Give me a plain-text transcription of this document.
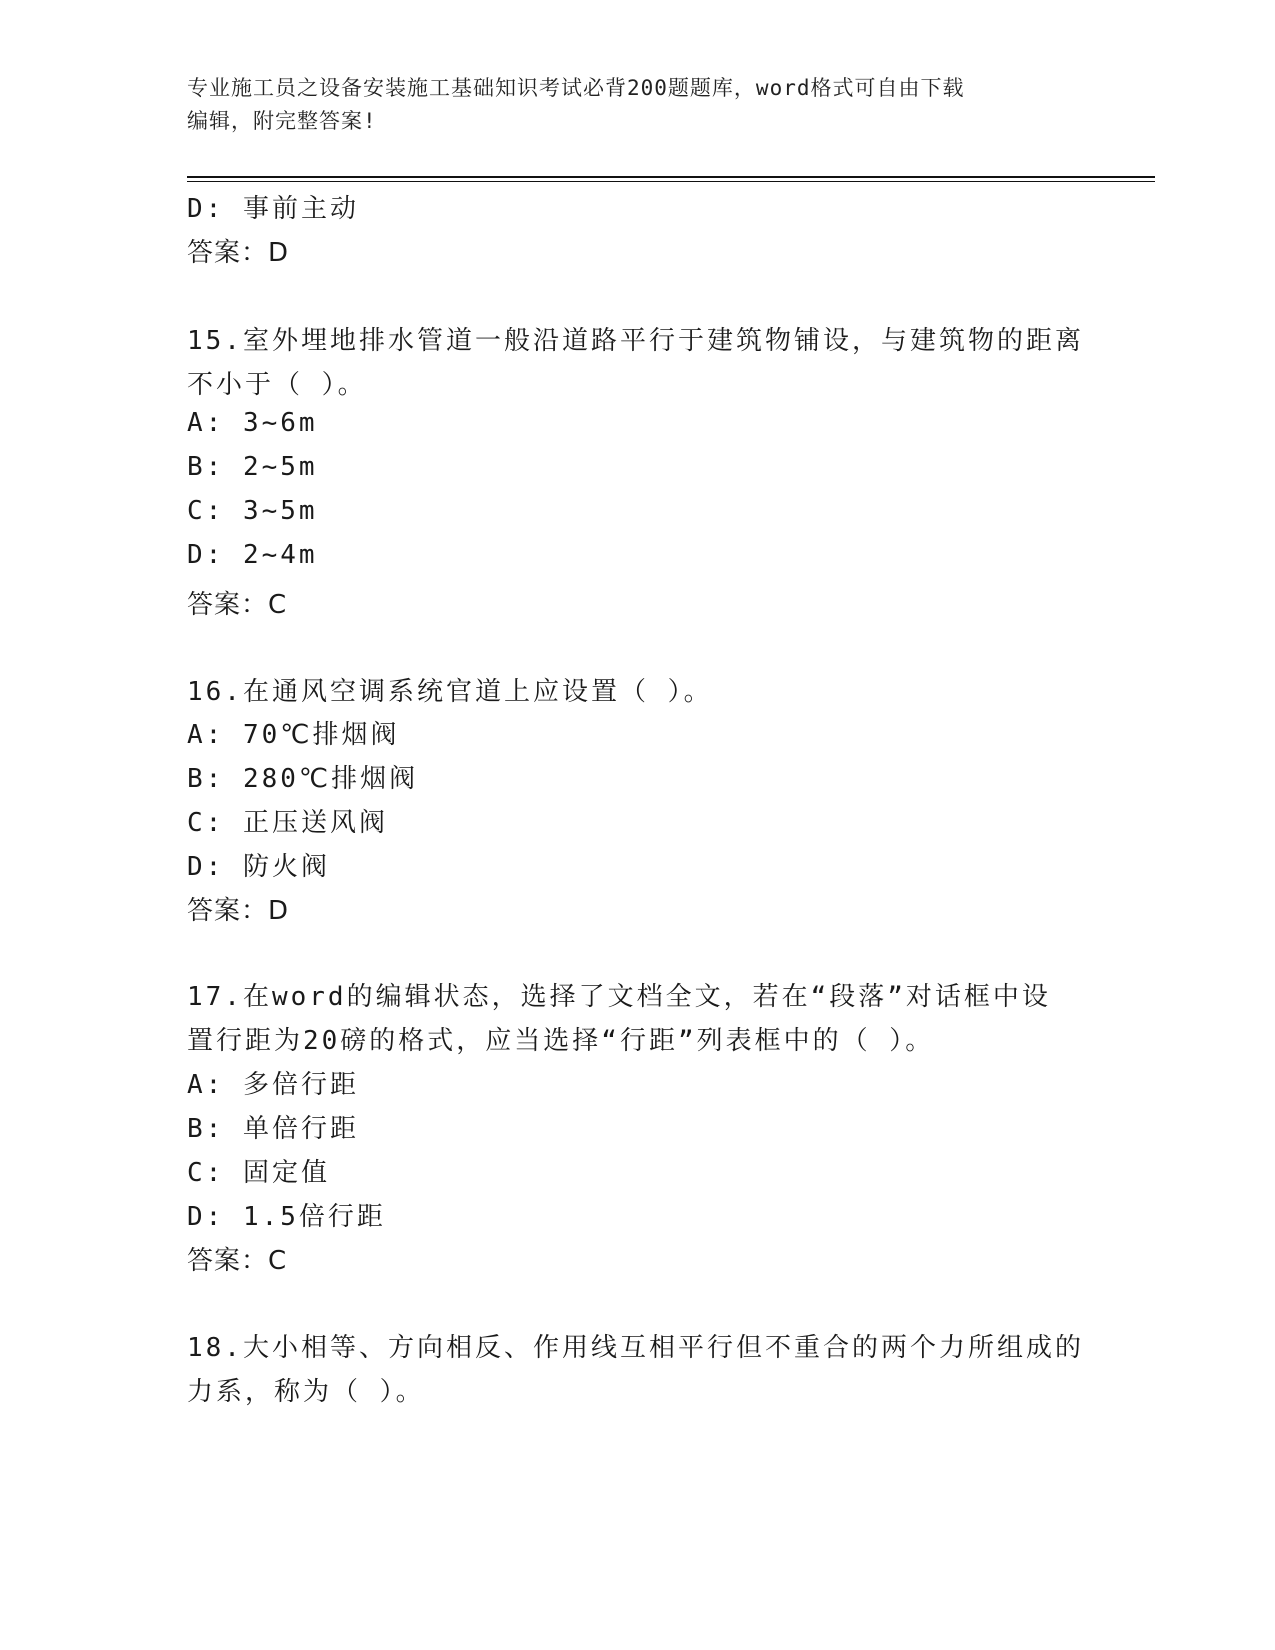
专业施工员之设备安装施工基础知识考试必背200题题库，word格式可自由下载
编辑，附完整答案!
D: 事前主动
答案：D
15.室外埋地排水管道一般沿道路平行于建筑物铺设，与建筑物的距离
不小于（ ）。
A: 3~6m
B: 2~5m
C: 3~5m
D: 2~4m
答案：C
16.在通风空调系统官道上应设置（ ）。
A: 70℃排烟阀
B: 280℃排烟阀
C: 正压送风阀
D: 防火阀
答案：D
17.在word的编辑状态，选择了文档全文，若在“段落”对话框中设
置行距为20磅的格式，应当选择“行距”列表框中的（ ）。
A: 多倍行距
B: 单倍行距
C: 固定值
D: 1.5倍行距
答案：C
18.大小相等、方向相反、作用线互相平行但不重合的两个力所组成的
力系，称为（ ）。
